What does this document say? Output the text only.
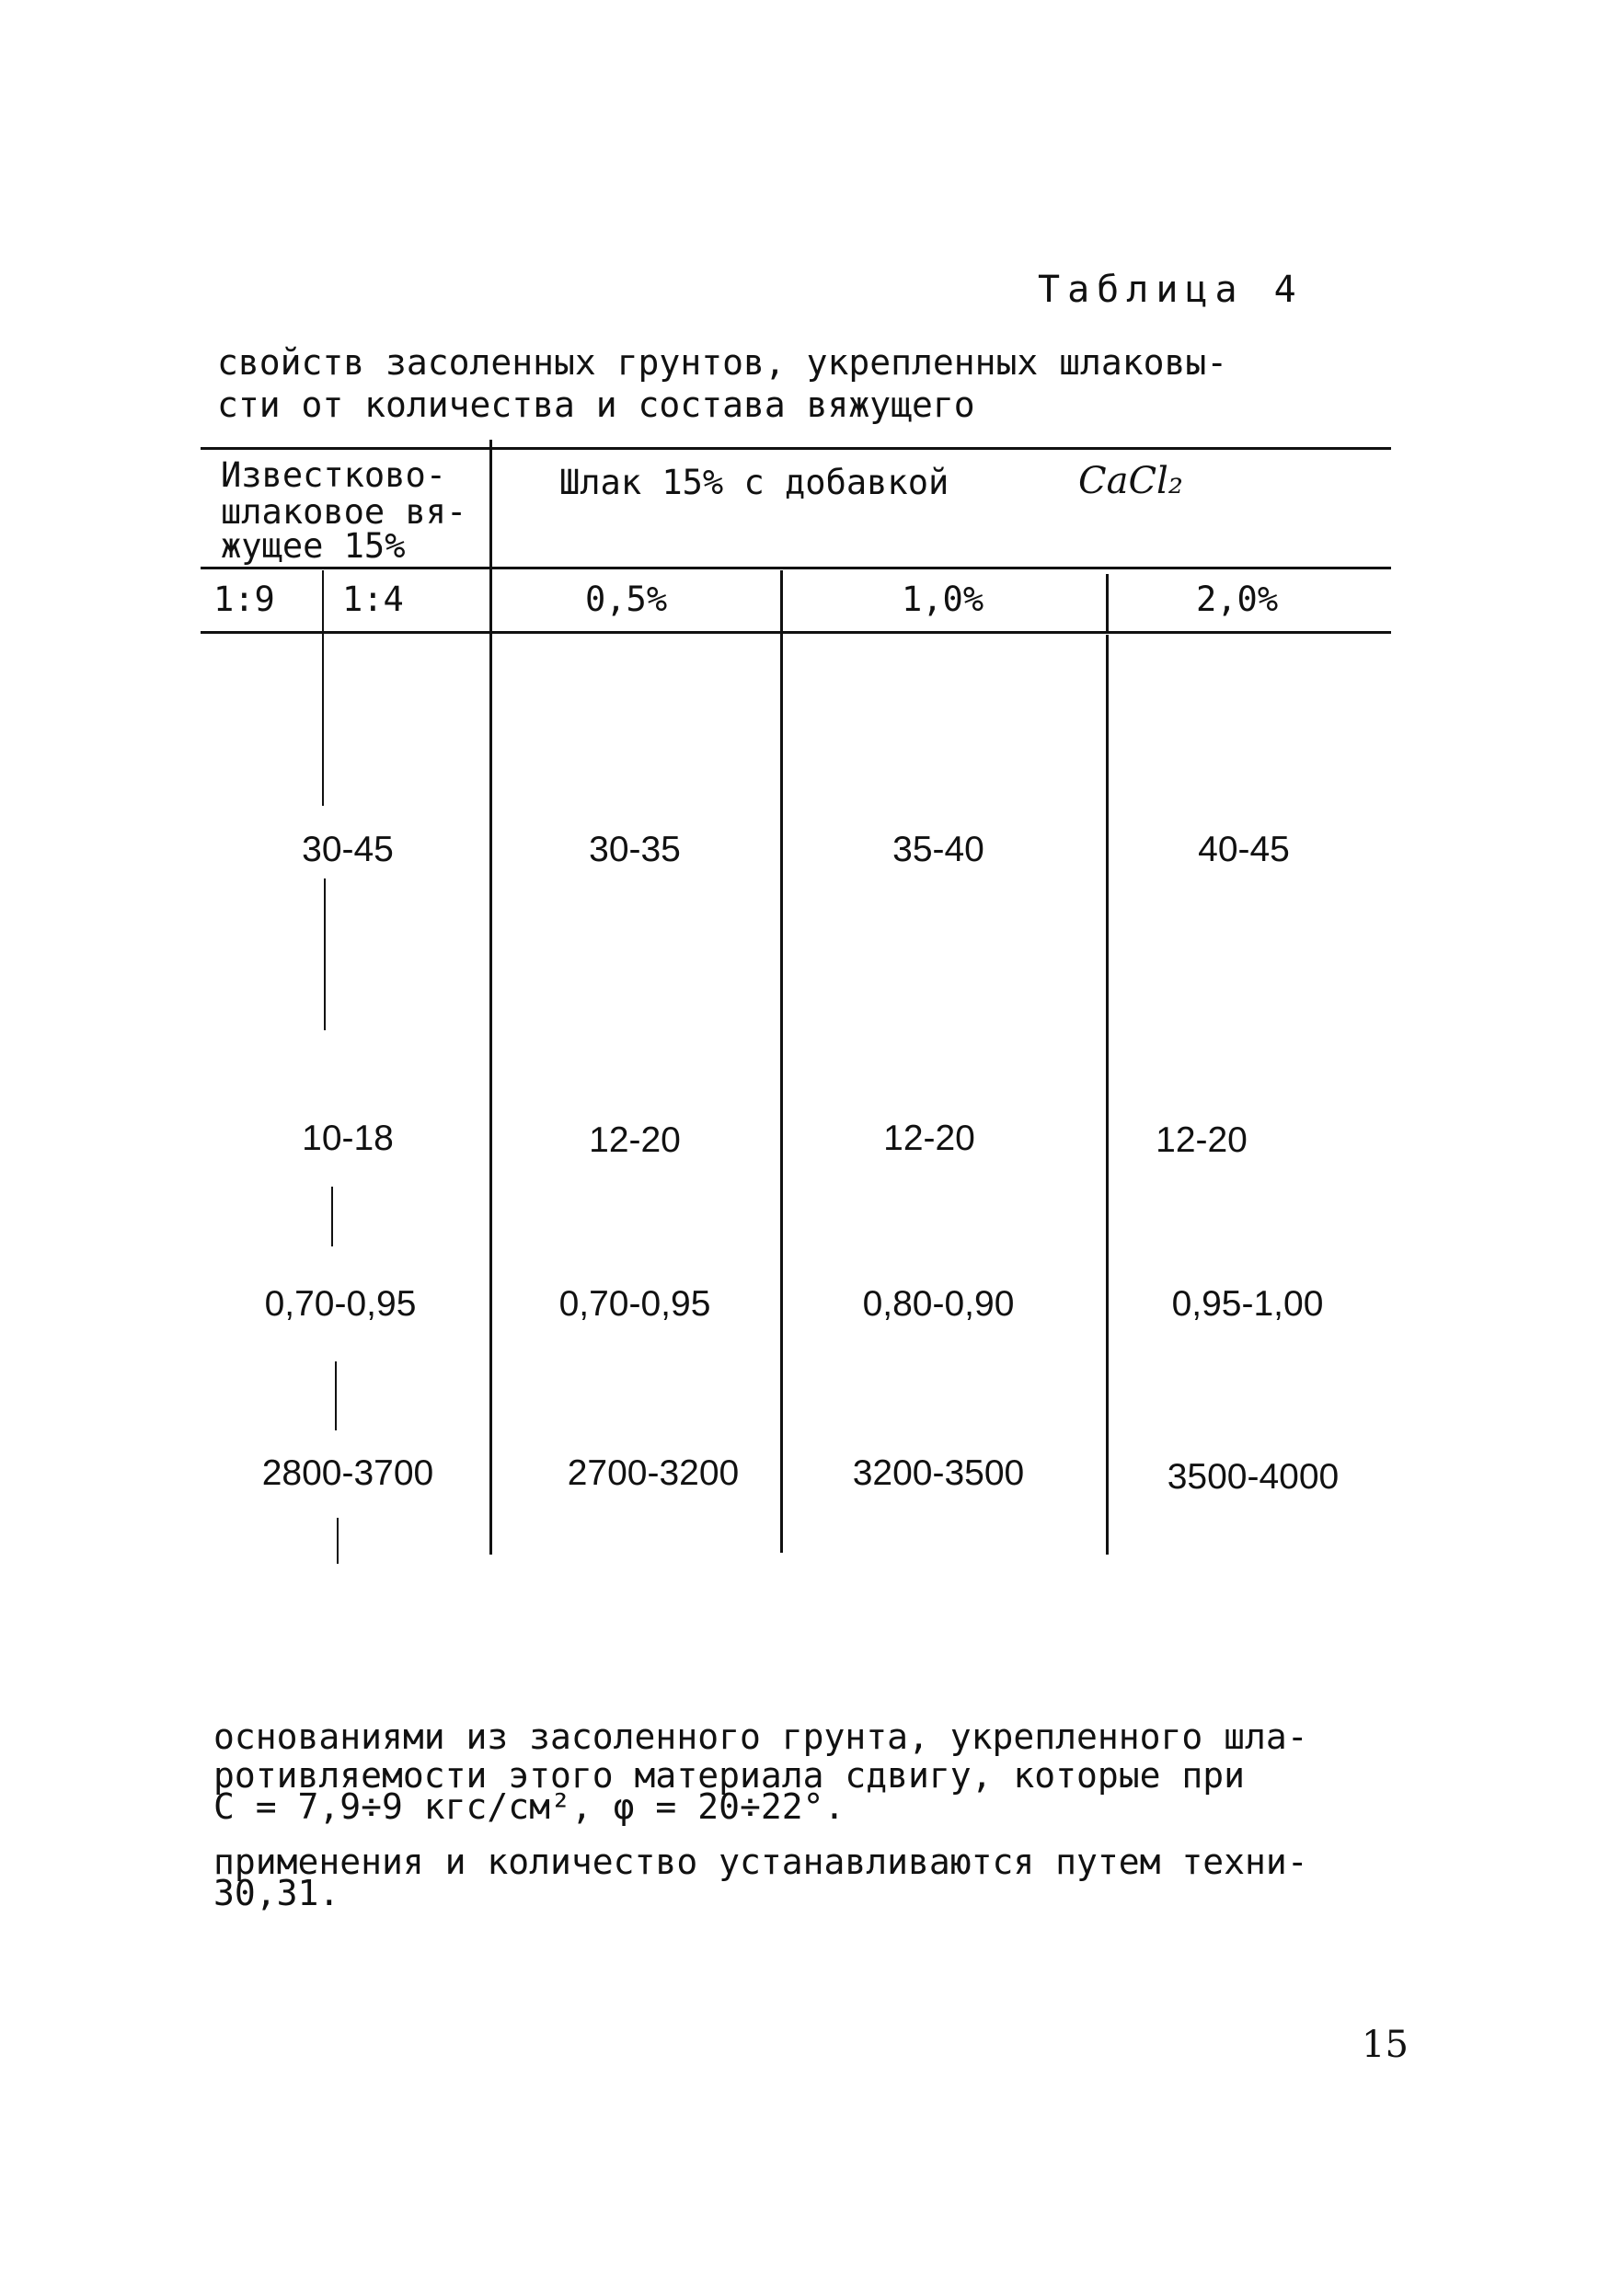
Таблица 4
свойств засоленных грунтов, укрепленных шлаковы-
сти от количества и состава вяжущего
Известково-
шлаковое вя-
жущее 15%
Шлак 15% с добавкой	CaCl₂
1:9 1:4	0,5%	1,0%	2,0%
30-45	30-35	35-40	40-45
10-18	12-20	12-20	12-20
0,70-0,95	0,70-0,95	0,80-0,90	0,95-1,00
2800-3700	2700-3200	3200-3500	3500-4000
основаниями из засоленного грунта, укрепленного шла-
ротивляемости этого материала сдвигу, которые при
C = 7,9÷9 кгс/см², φ = 20÷22°.
применения и количество устанавливаются путем техни-
30,31.
15
